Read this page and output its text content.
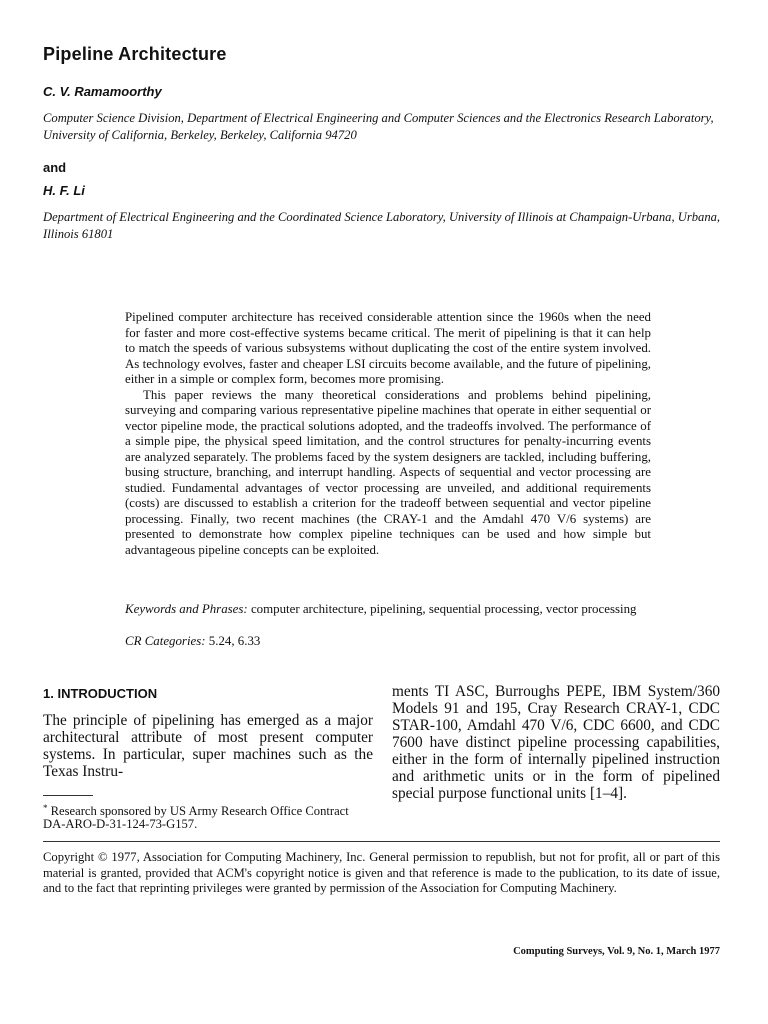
Pipeline Architecture
C. V. Ramamoorthy
Computer Science Division, Department of Electrical Engineering and Computer Sciences and the Electronics Research Laboratory, University of California, Berkeley, Berkeley, California 94720
and
H. F. Li
Department of Electrical Engineering and the Coordinated Science Laboratory, University of Illinois at Champaign-Urbana, Urbana, Illinois 61801

Pipelined computer architecture has received considerable attention since the 1960s when the need for faster and more cost-effective systems became critical. The merit of pipelining is that it can help to match the speeds of various subsystems without duplicating the cost of the entire system involved. As technology evolves, faster and cheaper LSI circuits become available, and the future of pipelining, either in a simple or complex form, becomes more promising.

This paper reviews the many theoretical considerations and problems behind pipelining, surveying and comparing various representative pipeline machines that operate in either sequential or vector pipeline mode, the practical solutions adopted, and the tradeoffs involved. The performance of a simple pipe, the physical speed limitation, and the control structures for penalty-incurring events are analyzed separately. The problems faced by the system designers are tackled, including buffering, busing structure, branching, and interrupt handling. Aspects of sequential and vector processing are studied. Fundamental advantages of vector processing are unveiled, and additional requirements (costs) are discussed to establish a criterion for the tradeoff between sequential and vector pipeline processing. Finally, two recent machines (the CRAY-1 and the Amdahl 470 V/6 systems) are presented to demonstrate how complex pipeline techniques can be used and how simple but advantageous pipeline concepts can be exploited.

Keywords and Phrases: computer architecture, pipelining, sequential processing, vector processing
CR Categories: 5.24, 6.33
1. INTRODUCTION
The principle of pipelining has emerged as a major architectural attribute of most present computer systems. In particular, super machines such as the Texas Instru-
ments TI ASC, Burroughs PEPE, IBM System/360 Models 91 and 195, Cray Research CRAY-1, CDC STAR-100, Amdahl 470 V/6, CDC 6600, and CDC 7600 have distinct pipeline processing capabilities, either in the form of internally pipelined instruction and arithmetic units or in the form of pipelined special purpose functional units [1–4].
* Research sponsored by US Army Research Office Contract DA-ARO-D-31-124-73-G157.
Copyright © 1977, Association for Computing Machinery, Inc. General permission to republish, but not for profit, all or part of this material is granted, provided that ACM's copyright notice is given and that reference is made to the publication, to its date of issue, and to the fact that reprinting privileges were granted by permission of the Association for Computing Machinery.
Computing Surveys, Vol. 9, No. 1, March 1977
